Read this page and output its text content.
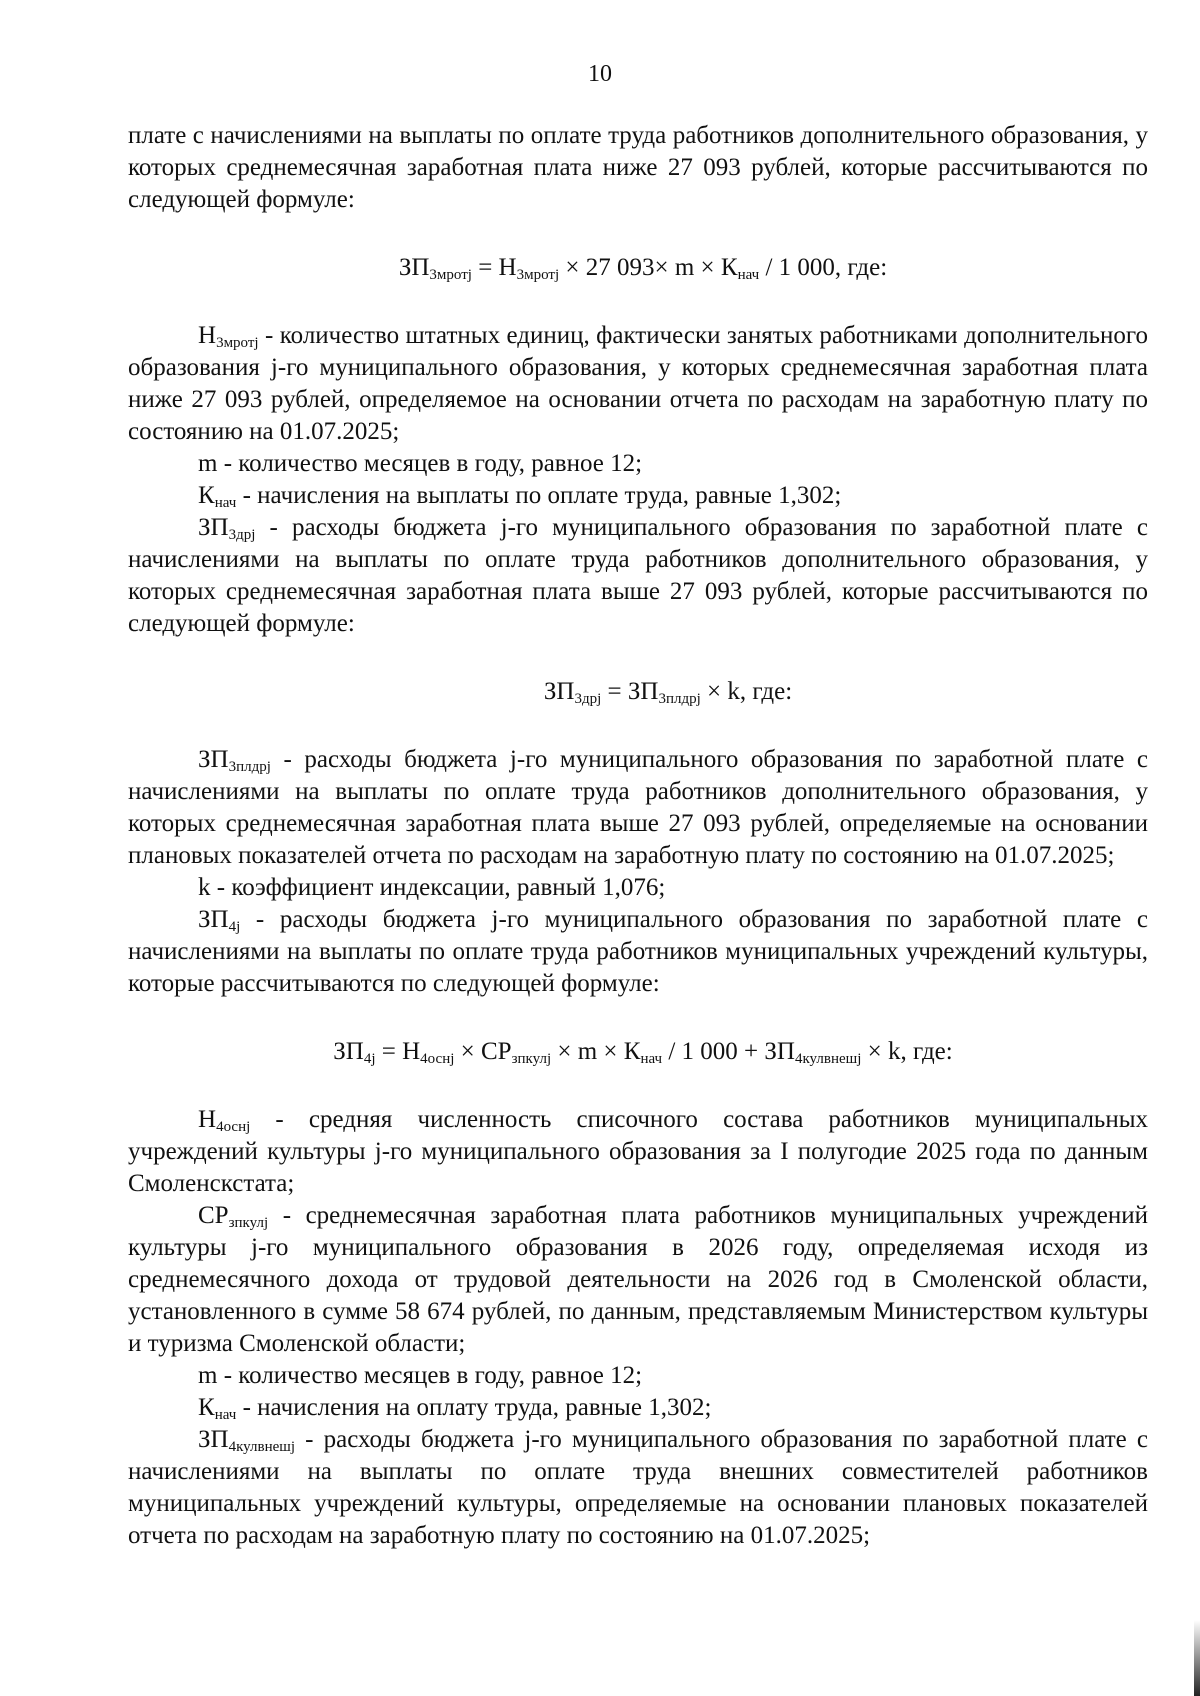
10

плате с начислениями на выплаты по оплате труда работников дополнительного образования, у которых среднемесячная заработная плата ниже 27 093 рублей, которые рассчитываются по следующей формуле:

$ЗП_{3мротj} = Н_{3мротj} \times 27$ $093\times m \times К_{нач} / 1$ 000, где:

$Н_{3мротj}$ - количество штатных единиц, фактически занятых работниками дополнительного образования j-го муниципального образования, у которых среднемесячная заработная плата ниже 27 093 рублей, определяемое на основании отчета по расходам на заработную плату по состоянию на 01.07.2025;

m - количество месяцев в году, равное 12;

$К_{нач}$ - начисления на выплаты по оплате труда, равные 1,302;

$ЗП_{3дрj}$ - расходы бюджета j-го муниципального образования по заработной плате с начислениями на выплаты по оплате труда работников дополнительного образования, у которых среднемесячная заработная плата выше 27 093 рублей, которые рассчитываются по следующей формуле:

$ЗП_{3дрj} = ЗП_{3плдрj} \times k$, где:

$ЗП_{3плдрj}$ - расходы бюджета j-го муниципального образования по заработной плате с начислениями на выплаты по оплате труда работников дополнительного образования, у которых среднемесячная заработная плата выше 27 093 рублей, определяемые на основании плановых показателей отчета по расходам на заработную плату по состоянию на 01.07.2025;

k - коэффициент индексации, равный 1,076;

$ЗП_{4j}$ - расходы бюджета j-го муниципального образования по заработной плате с начислениями на выплаты по оплате труда работников муниципальных учреждений культуры, которые рассчитываются по следующей формуле:

$ЗП_{4j} = Н_{4оснj} \times СР_{зпкулj} \times m \times К_{нач} / 1$ $000 + ЗП_{4кулвнешj} \times k$, где:

$Н_{4оснj}$ - средняя численность списочного состава работников муниципальных учреждений культуры j-го муниципального образования за I полугодие 2025 года по данным Смоленскстата;

$СР_{зпкулj}$ - среднемесячная заработная плата работников муниципальных учреждений культуры j-го муниципального образования в 2026 году, определяемая исходя из среднемесячного дохода от трудовой деятельности на 2026 год в Смоленской области, установленного в сумме 58 674 рублей, по данным, представляемым Министерством культуры и туризма Смоленской области;

m - количество месяцев в году, равное 12;

$К_{нач}$ - начисления на оплату труда, равные 1,302;

$ЗП_{4кулвнешj}$ - расходы бюджета j-го муниципального образования по заработной плате с начислениями на выплаты по оплате труда внешних совместителей работников муниципальных учреждений культуры, определяемые на основании плановых показателей отчета по расходам на заработную плату по состоянию на 01.07.2025;
